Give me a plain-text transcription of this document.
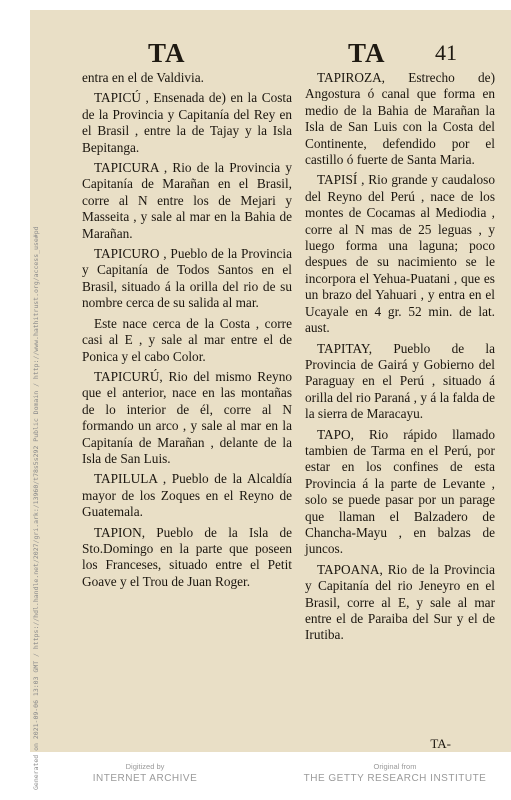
Generated on 2021-09-06 13:03 GMT / https://hdl.handle.net/2027/gri.ark:/13960/t78s5s292 Public Domain / http://www.hathitrust.org/access_use#pd
TA	TA 41

entra en el de Valdivia.

TAPICÚ , Ensenada de) en la Costa de la Provincia y Capitanía del Rey en el Brasil , entre la de Tajay y la Isla Bepitanga.

TAPICURA , Rio de la Provincia y Capitanía de Marañan en el Brasil, corre al N entre los de Mejari y Masseita , y sale al mar en la Bahia de Marañan.

TAPICURO , Pueblo de la Provincia y Capitanía de Todos Santos en el Brasil, situado á la orilla del rio de su nombre cerca de su salida al mar.

Este nace cerca de la Costa , corre casi al E , y sale al mar entre el de Ponica y el cabo Color.

TAPICURÚ, Rio del mismo Reyno que el anterior, nace en las montañas de lo interior de él, corre al N formando un arco , y sale al mar en la Capitanía de Marañan , delante de la Isla de San Luis.

TAPILULA , Pueblo de la Alcaldía mayor de los Zoques en el Reyno de Guatemala.

TAPION, Pueblo de la Isla de Sto.Domingo en la parte que poseen los Franceses, situado entre el Petit Goave y el Trou de Juan Roger.

TAPIROZA, Estrecho de) Angostura ó canal que forma en medio de la Bahia de Marañan la Isla de San Luis con la Costa del Continente, defendido por el castillo ó fuerte de Santa Maria.

TAPISÍ , Rio grande y caudaloso del Reyno del Perú , nace de los montes de Cocamas al Mediodia , corre al N mas de 25 leguas , y luego forma una laguna; poco despues de su nacimiento se le incorpora el Yehua-Puatani , que es un brazo del Yahuari , y entra en el Ucayale en 4 gr. 52 min. de lat. aust.

TAPITAY, Pueblo de la Provincia de Gairá y Gobierno del Paraguay en el Perú , situado á orilla del rio Paraná , y á la falda de la sierra de Maracayu.

TAPO, Rio rápido llamado tambien de Tarma en el Perú, por estar en los confines de esta Provincia á la parte de Levante , solo se puede pasar por un parage que llaman el Balzadero de Chancha-Mayu , en balzas de juncos.

TAPOANA, Rio de la Provincia y Capitanía del rio Jeneyro en el Brasil, corre al E, y sale al mar entre el de Paraiba del Sur y el de Irutiba.

TA-
Digitized by
INTERNET ARCHIVE
Original from
THE GETTY RESEARCH INSTITUTE
